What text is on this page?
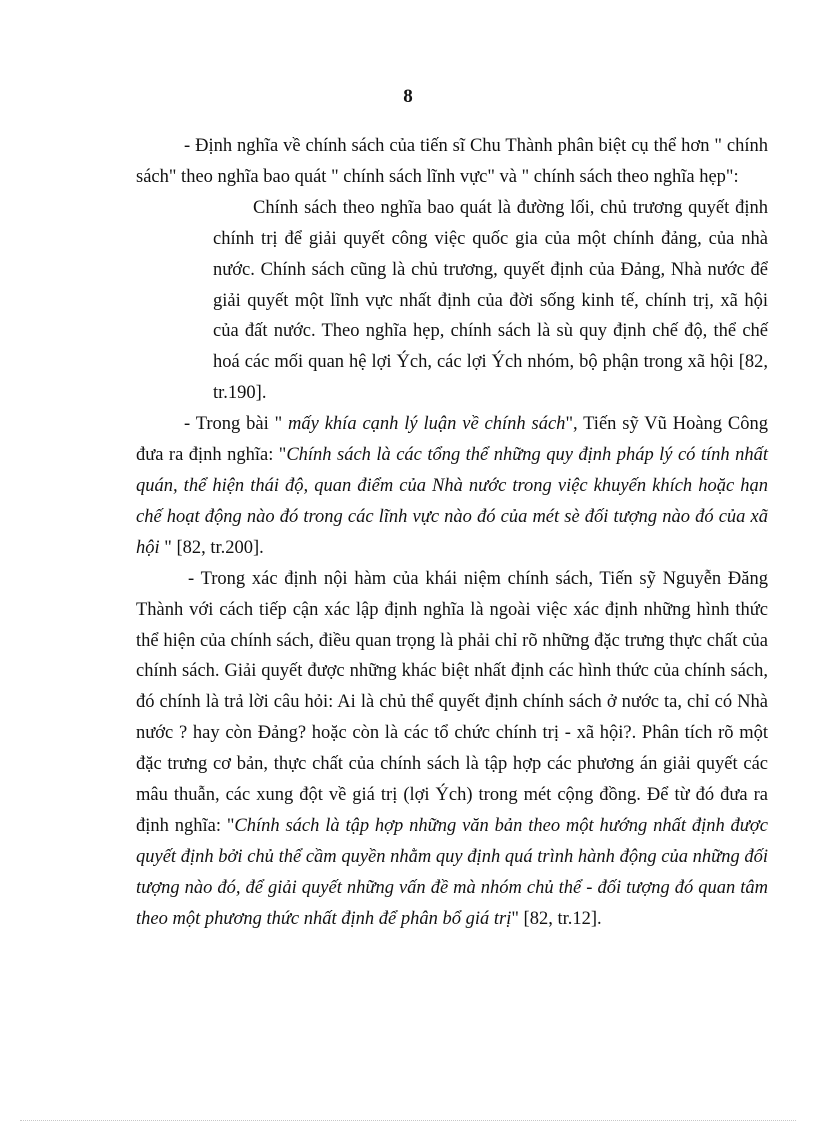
8

- Định nghĩa về chính sách của tiến sĩ Chu Thành phân biệt cụ thể hơn " chính sách" theo nghĩa bao quát " chính sách lĩnh vực" và " chính sách theo nghĩa hẹp":

Chính sách theo nghĩa bao quát là đường lối, chủ trương quyết định chính trị để giải quyết công việc quốc gia của một chính đảng, của nhà nước. Chính sách cũng là chủ trương, quyết định của Đảng, Nhà nước để giải quyết một lĩnh vực nhất định của đời sống kinh tế, chính trị, xã hội của đất nước. Theo nghĩa hẹp, chính sách là sù quy định chế độ, thể chế hoá các mối quan hệ lợi Ých, các lợi Ých nhóm, bộ phận trong xã hội [82, tr.190].

- Trong bài " mấy khía cạnh lý luận về chính sách", Tiến sỹ Vũ Hoàng Công đưa ra định nghĩa: "Chính sách là các tổng thể những quy định pháp lý có tính nhất quán, thể hiện thái độ, quan điểm của Nhà nước trong việc khuyến khích hoặc hạn chế hoạt động nào đó trong các lĩnh vực nào đó của mét sè đối tượng nào đó của xã hội " [82, tr.200].

- Trong xác định nội hàm của khái niệm chính sách, Tiến sỹ Nguyễn Đăng Thành với cách tiếp cận xác lập định nghĩa là ngoài việc xác định những hình thức thể hiện của chính sách, điều quan trọng là phải chỉ rõ những đặc trưng thực chất của chính sách. Giải quyết được những khác biệt nhất định các hình thức của chính sách, đó chính là trả lời câu hỏi: Ai là chủ thể quyết định chính sách ở nước ta, chỉ có Nhà nước ? hay còn Đảng? hoặc còn là các tổ chức chính trị - xã hội?. Phân tích rõ một đặc trưng cơ bản, thực chất của chính sách là tập hợp các phương án giải quyết các mâu thuẫn, các xung đột về giá trị (lợi Ých) trong mét cộng đồng. Để từ đó đưa ra định nghĩa: "Chính sách là tập hợp những văn bản theo một hướng nhất định được quyết định bởi chủ thể cầm quyền nhằm quy định quá trình hành động của những đối tượng nào đó, để giải quyết những vấn đề mà nhóm chủ thể - đối tượng đó quan tâm theo một phương thức nhất định để phân bổ giá trị" [82, tr.12].
